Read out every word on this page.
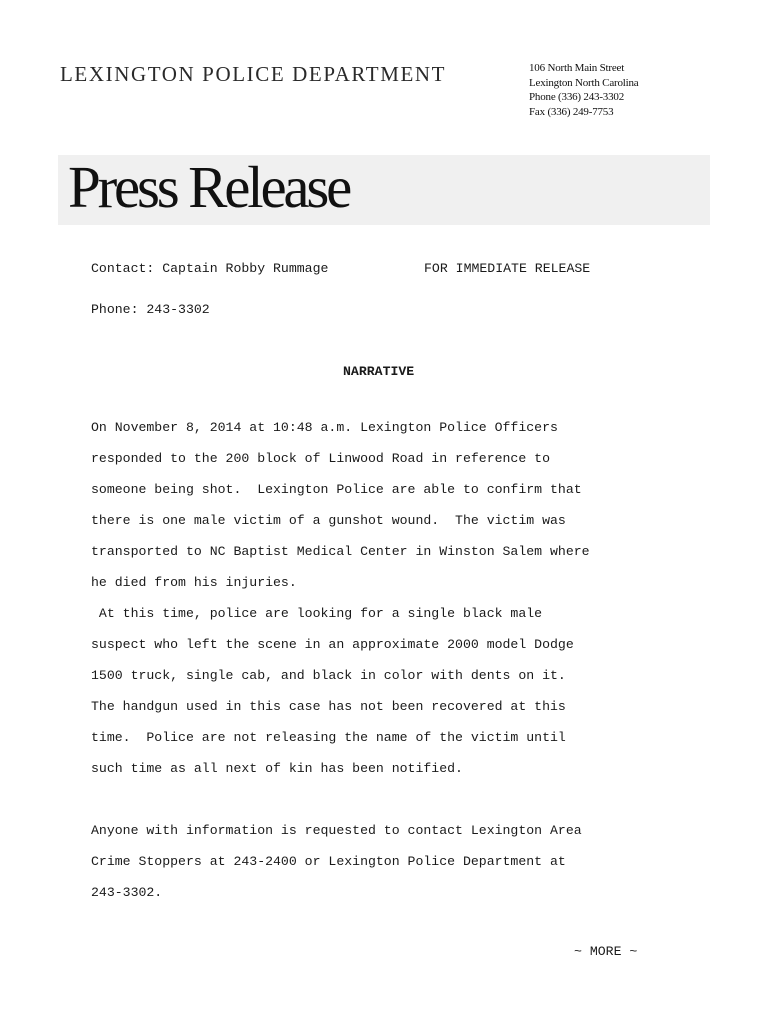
LEXINGTON POLICE DEPARTMENT	106 North Main Street
Lexington North Carolina
Phone (336) 243-3302
Fax (336) 249-7753
Press Release
Contact: Captain Robby Rummage	FOR IMMEDIATE RELEASE
Phone: 243-3302
NARRATIVE
On November 8, 2014 at 10:48 a.m. Lexington Police Officers
responded to the 200 block of Linwood Road in reference to
someone being shot.  Lexington Police are able to confirm that
there is one male victim of a gunshot wound.  The victim was
transported to NC Baptist Medical Center in Winston Salem where
he died from his injuries.
At this time, police are looking for a single black male
suspect who left the scene in an approximate 2000 model Dodge
1500 truck, single cab, and black in color with dents on it.
The handgun used in this case has not been recovered at this
time.  Police are not releasing the name of the victim until
such time as all next of kin has been notified.
Anyone with information is requested to contact Lexington Area
Crime Stoppers at 243-2400 or Lexington Police Department at
243-3302.
~ MORE ~
